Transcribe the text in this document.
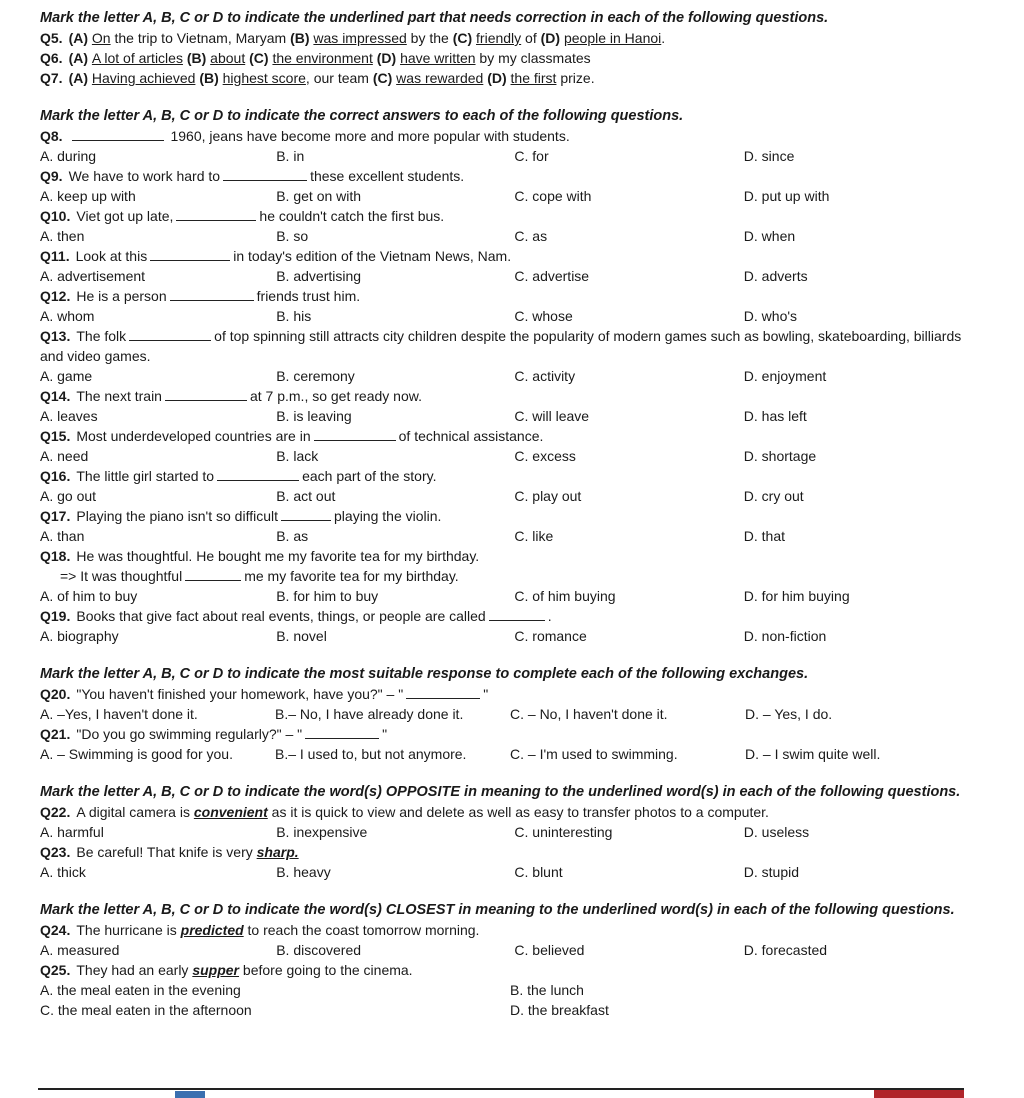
Mark the letter A, B, C or D to indicate the underlined part that needs correction in each of the following questions.
Q5. (A) On the trip to Vietnam, Maryam (B) was impressed by the (C) friendly of (D) people in Hanoi.
Q6. (A) A lot of articles (B) about (C) the environment (D) have written by my classmates
Q7. (A) Having achieved (B) highest score, our team (C) was rewarded (D) the first prize.
Mark the letter A, B, C or D to indicate the correct answers to each of the following questions.
Q8.	1960, jeans have become more and more popular with students.
A. during	B. in	C. for	D. since
Q9. We have to work hard to	these excellent students.
A. keep up with	B. get on with	C. cope with	D. put up with
Q10. Viet got up late,	he couldn't catch the first bus.
A. then	B. so	C. as	D. when
Q11. Look at this	in today's edition of the Vietnam News, Nam.
A. advertisement	B. advertising	C. advertise	D. adverts
Q12. He is a person	friends trust him.
A. whom	B. his	C. whose	D. who's
Q13. The folk	of top spinning still attracts city children despite the popularity of modern games such as bowling, skateboarding, billiards and video games.
A. game	B. ceremony	C. activity	D. enjoyment
Q14. The next train	at 7 p.m., so get ready now.
A. leaves	B. is leaving	C. will leave	D. has left
Q15. Most underdeveloped countries are in	of technical assistance.
A. need	B. lack	C. excess	D. shortage
Q16. The little girl started to	each part of the story.
A. go out	B. act out	C. play out	D. cry out
Q17. Playing the piano isn't so difficult	playing the violin.
A. than	B. as	C. like	D. that
Q18. He was thoughtful. He bought me my favorite tea for my birthday.
=> It was thoughtful	me my favorite tea for my birthday.
A. of him to buy	B. for him to buy	C. of him buying	D. for him buying
Q19. Books that give fact about real events, things, or people are called	.
A. biography	B. novel	C. romance	D. non-fiction
Mark the letter A, B, C or D to indicate the most suitable response to complete each of the following exchanges.
Q20. "You haven't finished your homework, have you?" – "	"
A. –Yes, I haven't done it.	B.– No, I have already done it.	C. – No, I haven't done it.	D. – Yes, I do.
Q21. "Do you go swimming regularly?" – "	"
A. – Swimming is good for you.	B.– I used to, but not anymore.	C. – I'm used to swimming.	D. – I swim quite well.
Mark the letter A, B, C or D to indicate the word(s) OPPOSITE in meaning to the underlined word(s) in each of the following questions.
Q22. A digital camera is convenient as it is quick to view and delete as well as easy to transfer photos to a computer.
A. harmful	B. inexpensive	C. uninteresting	D. useless
Q23. Be careful! That knife is very sharp.
A. thick	B. heavy	C. blunt	D. stupid
Mark the letter A, B, C or D to indicate the word(s) CLOSEST in meaning to the underlined word(s) in each of the following questions.
Q24. The hurricane is predicted to reach the coast tomorrow morning.
A. measured	B. discovered	C. believed	D. forecasted
Q25. They had an early supper before going to the cinema.
A. the meal eaten in the evening	B. the lunch
C. the meal eaten in the afternoon	D. the breakfast
